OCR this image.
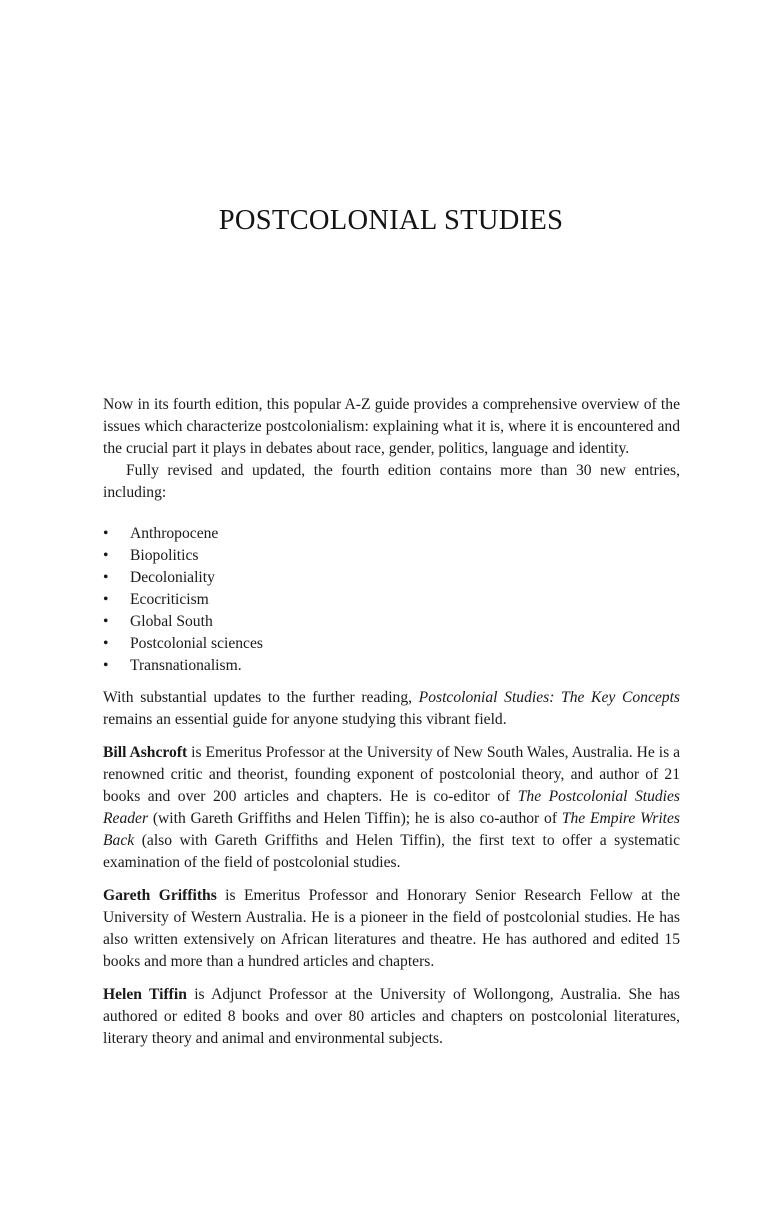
POSTCOLONIAL STUDIES

Now in its fourth edition, this popular A-Z guide provides a comprehensive overview of the issues which characterize postcolonialism: explaining what it is, where it is encountered and the crucial part it plays in debates about race, gender, politics, language and identity.

Fully revised and updated, the fourth edition contains more than 30 new entries, including:

• Anthropocene
• Biopolitics
• Decoloniality
• Ecocriticism
• Global South
• Postcolonial sciences
• Transnationalism.

With substantial updates to the further reading, Postcolonial Studies: The Key Concepts remains an essential guide for anyone studying this vibrant field.

Bill Ashcroft is Emeritus Professor at the University of New South Wales, Australia. He is a renowned critic and theorist, founding exponent of postcolonial theory, and author of 21 books and over 200 articles and chapters. He is co-editor of The Postcolonial Studies Reader (with Gareth Griffiths and Helen Tiffin); he is also co-author of The Empire Writes Back (also with Gareth Griffiths and Helen Tiffin), the first text to offer a systematic examination of the field of postcolonial studies.

Gareth Griffiths is Emeritus Professor and Honorary Senior Research Fellow at the University of Western Australia. He is a pioneer in the field of postcolonial studies. He has also written extensively on African literatures and theatre. He has authored and edited 15 books and more than a hundred articles and chapters.

Helen Tiffin is Adjunct Professor at the University of Wollongong, Australia. She has authored or edited 8 books and over 80 articles and chapters on postcolonial literatures, literary theory and animal and environmental subjects.
